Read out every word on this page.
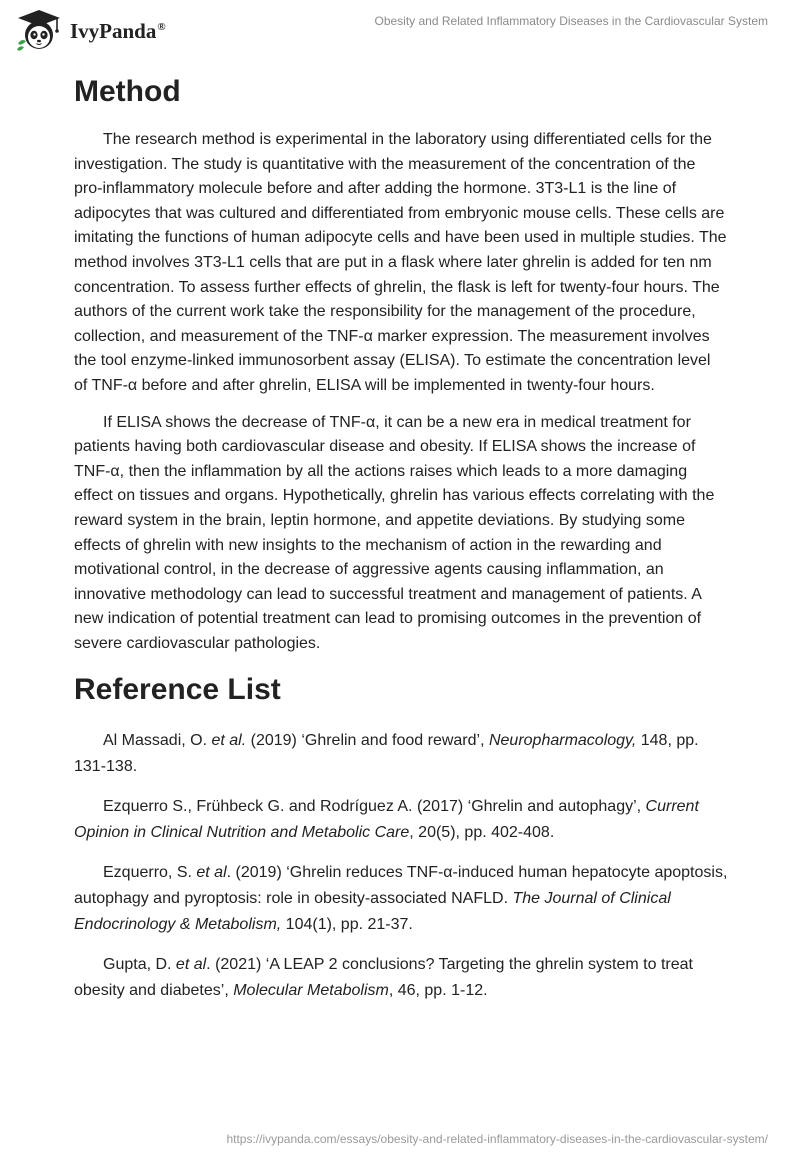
IvyPanda®	Obesity and Related Inflammatory Diseases in the Cardiovascular System
Method

The research method is experimental in the laboratory using differentiated cells for the investigation. The study is quantitative with the measurement of the concentration of the pro-inflammatory molecule before and after adding the hormone. 3T3-L1 is the line of adipocytes that was cultured and differentiated from embryonic mouse cells. These cells are imitating the functions of human adipocyte cells and have been used in multiple studies. The method involves 3T3-L1 cells that are put in a flask where later ghrelin is added for ten nm concentration. To assess further effects of ghrelin, the flask is left for twenty-four hours. The authors of the current work take the responsibility for the management of the procedure, collection, and measurement of the TNF-α marker expression. The measurement involves the tool enzyme-linked immunosorbent assay (ELISA). To estimate the concentration level of TNF-α before and after ghrelin, ELISA will be implemented in twenty-four hours.

If ELISA shows the decrease of TNF-α, it can be a new era in medical treatment for patients having both cardiovascular disease and obesity. If ELISA shows the increase of TNF-α, then the inflammation by all the actions raises which leads to a more damaging effect on tissues and organs. Hypothetically, ghrelin has various effects correlating with the reward system in the brain, leptin hormone, and appetite deviations. By studying some effects of ghrelin with new insights to the mechanism of action in the rewarding and motivational control, in the decrease of aggressive agents causing inflammation, an innovative methodology can lead to successful treatment and management of patients. A new indication of potential treatment can lead to promising outcomes in the prevention of severe cardiovascular pathologies.

Reference List

Al Massadi, O. et al. (2019) ‘Ghrelin and food reward’, Neuropharmacology, 148, pp. 131-138.

Ezquerro S., Frühbeck G. and Rodríguez A. (2017) ‘Ghrelin and autophagy’, Current Opinion in Clinical Nutrition and Metabolic Care, 20(5), pp. 402-408.

Ezquerro, S. et al. (2019) ‘Ghrelin reduces TNF-α-induced human hepatocyte apoptosis, autophagy and pyroptosis: role in obesity-associated NAFLD. The Journal of Clinical Endocrinology & Metabolism, 104(1), pp. 21-37.

Gupta, D. et al. (2021) ‘A LEAP 2 conclusions? Targeting the ghrelin system to treat obesity and diabetes’, Molecular Metabolism, 46, pp. 1-12.

https://ivypanda.com/essays/obesity-and-related-inflammatory-diseases-in-the-cardiovascular-system/
